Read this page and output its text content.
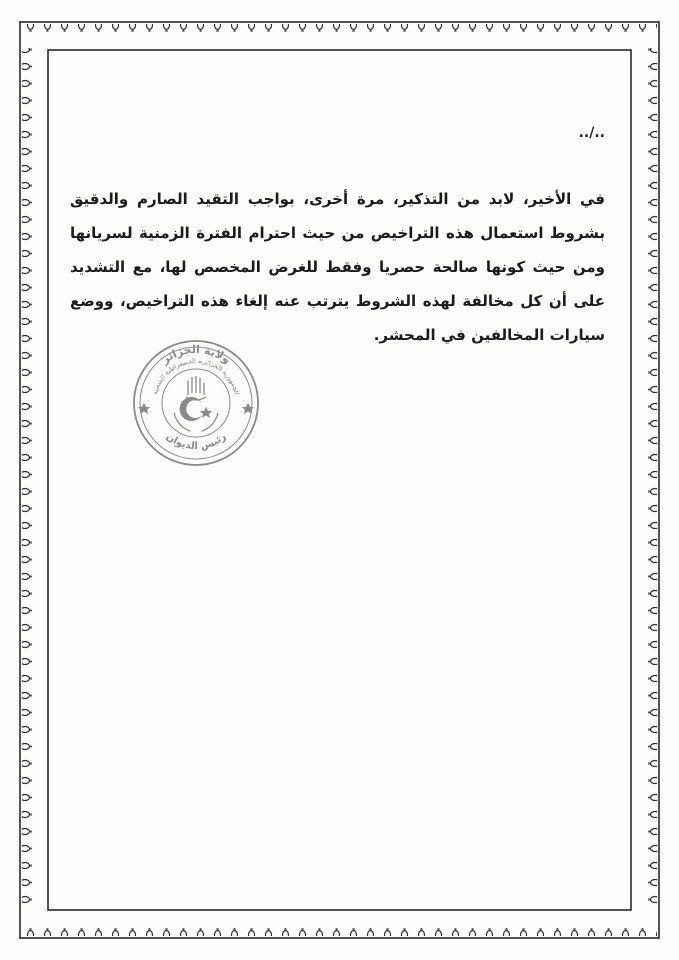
../..

في الأخير، لابد من التذكير، مرة أخرى، بواجب التقيد الصارم والدقيق بشروط استعمال هذه التراخيص من حيث احترام الفترة الزمنية لسريانها ومن حيث كونها صالحة حصريا وفقط للغرض المخصص لها، مع التشديد على أن كل مخالفة لهذه الشروط يترتب عنه إلغاء هذه التراخيص، ووضع سيارات المخالفين في المحشر.

ولاية الجزائر
الجمهورية الجزائرية الديمقراطية الشعبية
رئيس الديوان
